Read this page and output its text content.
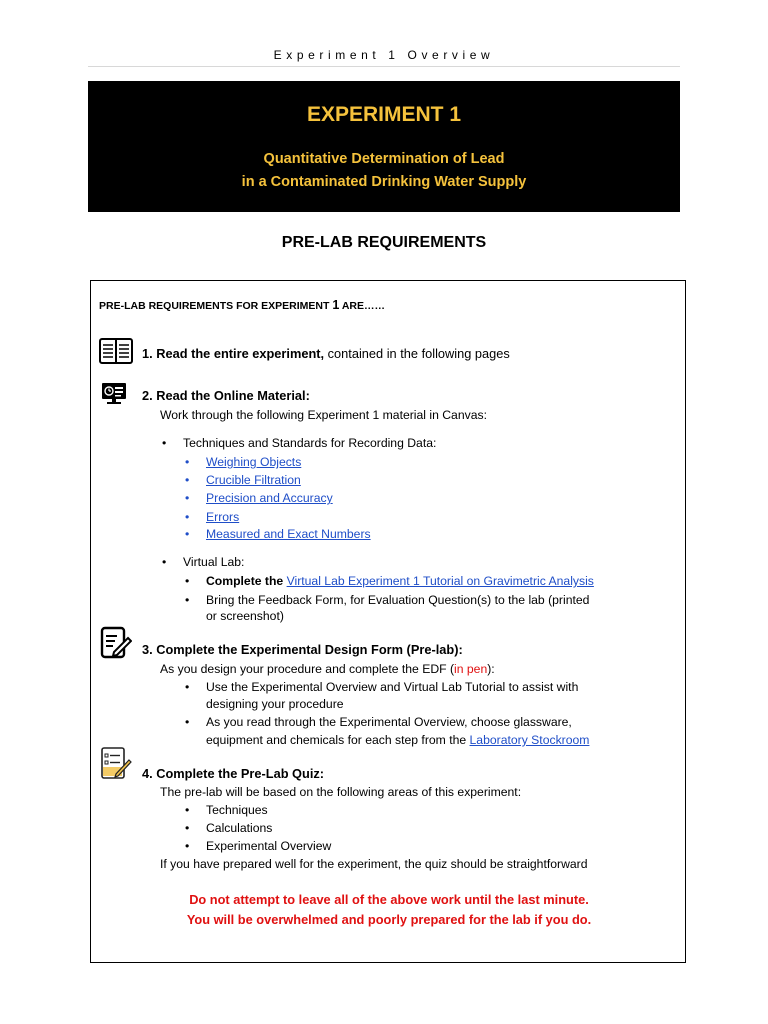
Experiment 1 Overview
EXPERIMENT 1
Quantitative Determination of Lead
in a Contaminated Drinking Water Supply
PRE-LAB REQUIREMENTS
PRE-LAB REQUIREMENTS FOR EXPERIMENT 1 ARE……
1. Read the entire experiment, contained in the following pages
2. Read the Online Material:
Work through the following Experiment 1 material in Canvas:
• Techniques and Standards for Recording Data:
• Weighing Objects
• Crucible Filtration
• Precision and Accuracy
• Errors
• Measured and Exact Numbers
• Virtual Lab:
• Complete the Virtual Lab Experiment 1 Tutorial on Gravimetric Analysis
• Bring the Feedback Form, for Evaluation Question(s) to the lab (printed
or screenshot)
3. Complete the Experimental Design Form (Pre-lab):
As you design your procedure and complete the EDF (in pen):
• Use the Experimental Overview and Virtual Lab Tutorial to assist with
designing your procedure
• As you read through the Experimental Overview, choose glassware,
equipment and chemicals for each step from the Laboratory Stockroom
4. Complete the Pre-Lab Quiz:
The pre-lab will be based on the following areas of this experiment:
• Techniques
• Calculations
• Experimental Overview
If you have prepared well for the experiment, the quiz should be straightforward
Do not attempt to leave all of the above work until the last minute.
You will be overwhelmed and poorly prepared for the lab if you do.
